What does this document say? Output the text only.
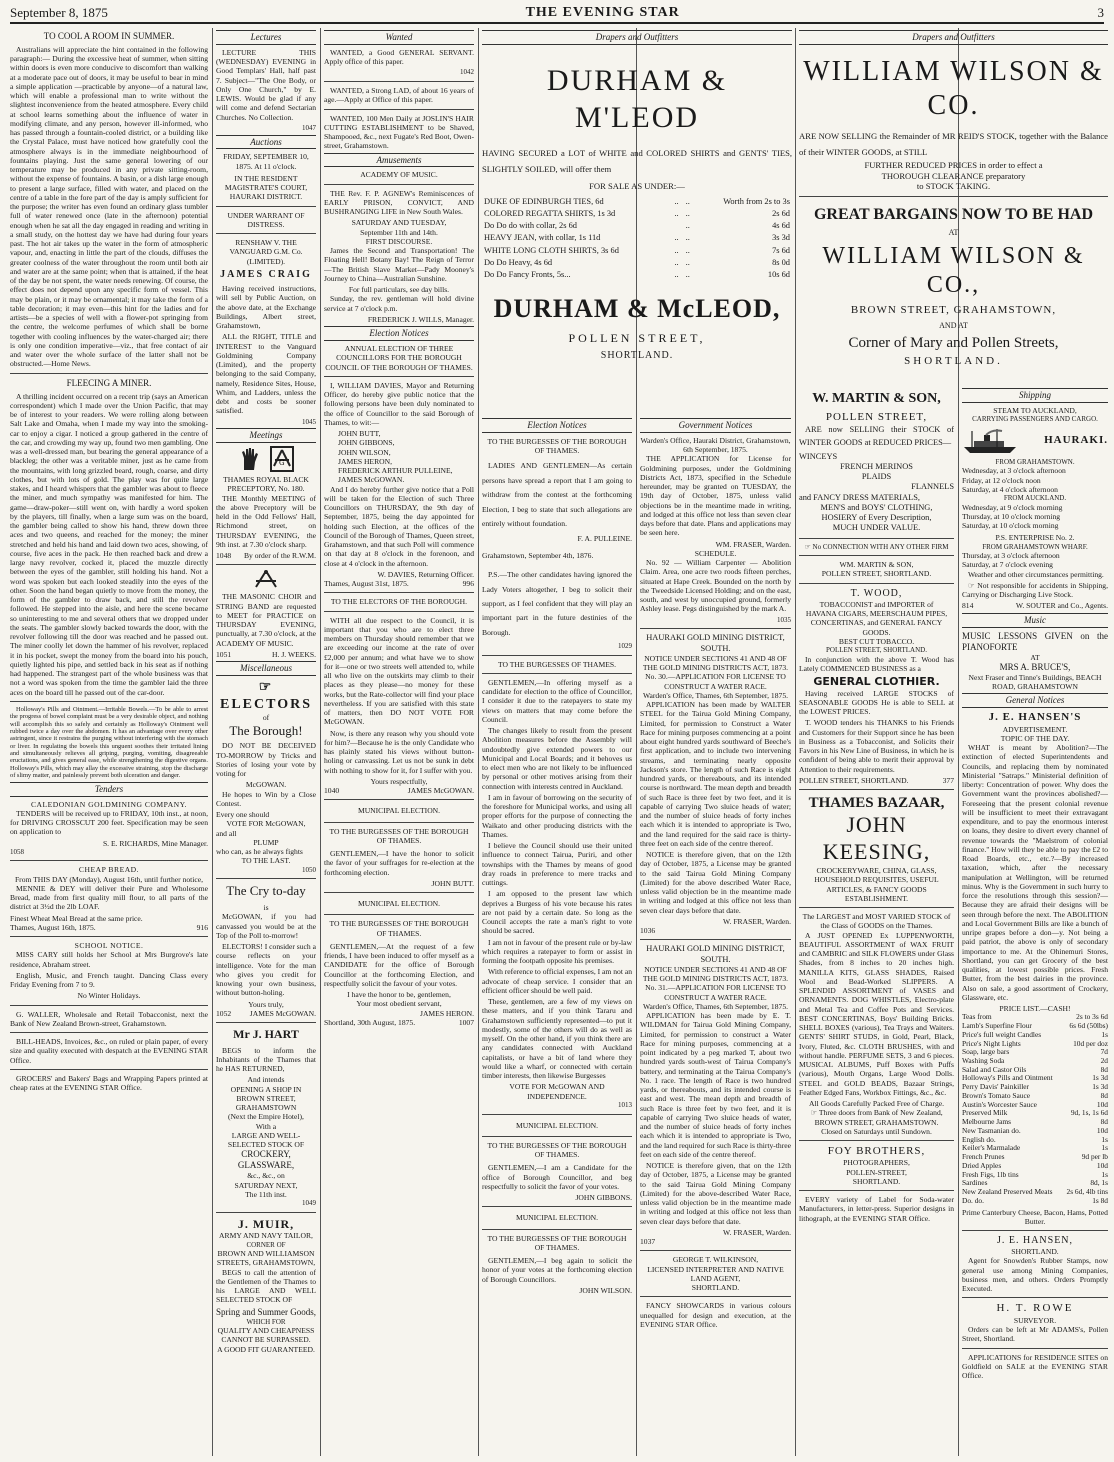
September 8, 1875	THE EVENING STAR	3
TO COOL A ROOM IN SUMMER.

Australians will appreciate the hint contained in the following paragraph:— During the excessive heat of summer, when sitting within doors is even more conducive to discomfort than walking at a moderate pace out of doors, it may be useful to bear in mind a simple application —practicable by anyone—of a natural law, which will enable a professional man to write without the slightest inconvenience from the heated atmosphere. Every child at school learns something about the influence of water in modifying climate, and any person, however ill-informed, who has passed through a fountain-cooled district, or a building like the Crystal Palace, must have noticed how gratefully cool the atmosphere always is in the immediate neighbourhood of fountains playing. Just the same general lowering of our temperature may be produced in any private sitting-room, without the expense of fountains. A basin, or a dish large enough to present a large surface, filled with water, and placed on the centre of a table in the fore part of the day is amply sufficient for the purpose; the writer has even found an ordinary glass tumbler full of water renewed once (late in the afternoon) potential enough when he sat all the day engaged in reading and writing in a small study, on the hottest day we have had during four years past. The hot air takes up the water in the form of atmospheric vapour, and, enacting in little the part of the clouds, diffuses the greater coolness of the water throughout the room until both air and water are at the same point; when that is attained, if the heat of the day be not spent, the water needs renewing. Of course, the effect does not depend upon any specific form of vessel. This may be plain, or it may be ornamental; it may take the form of a table decoration; it may even—this hint for the ladies and for artists—be a species of well with a flower-pot springing from the centre, the welcome perfumes of which shall be borne together with cooling influences by the water-charged air; there is only one condition imperative—viz., that free contact of air and water over the whole surface of the latter shall not be obstructed.—Home News.

FLEECING A MINER.

A thrilling incident occurred on a recent trip (says an American correspondent) which I made over the Union Pacific, that may be of interest to your readers. We were rolling along between Salt Lake and Omaha, when I made my way into the smoking-car to enjoy a cigar. I noticed a group gathered in the centre of the car, and crowding my way up, found two men gambling. One was a well-dressed man, but bearing the general appearance of a blackleg; the other was a veritable miner, just as he came from the mountains, with long grizzled beard, rough, coarse, and dirty clothes, but with lots of gold. The play was for quite large stakes, and I heard whispers that the gambler was about to fleece the miner, and much sympathy was manifested for him. The game—draw-poker—still went on, with hardly a word spoken by the players, till finally, when a large sum was on the board, the gambler being called to show his hand, threw down three aces and two queens, and reached for the money; the miner stretched and held his hand and laid down two aces, showing, of course, five aces in the pack. He then reached back and drew a large navy revolver, cocked it, placed the muzzle directly between the eyes of the gambler, still holding his hand. Not a word was spoken but each looked steadily into the eyes of the other. Soon the hand began quietly to move from the money, the form of the gambler to draw back, and still the revolver followed. He stepped into the aisle, and here the scene became so uninteresting to me and several others that we dropped under the seats. The gambler slowly backed towards the door, with the revolver following till the door was reached and he passed out. The miner coolly let down the hammer of his revolver, replaced it in his pocket, swept the money from the board into his pouch, quietly lighted his pipe, and settled back in his seat as if nothing had happened. The strangest part of the whole business was that not a word was spoken from the time the gambler laid the three aces on the board till he passed out of the car-door.

Holloway's Pills and Ointment.—Irritable Bowels.—To be able to arrest the progress of bowel complaint must be a very desirable object, and nothing will accomplish this so safely and certainly as Holloway's Ointment well rubbed twice a day over the abdomen. It has an advantage over every other astringent, since it restrains the purging without interfering with the stomach or liver. In regulating the bowels this unguent soothes their irritated lining and simultaneously relieves all griping, purging, vomiting, disagreeable eructations, and gives general ease, while strengthening the digestive organs. Holloway's Pills, which may allay the excessive straining, stop the discharge of slimy matter, and painlessly prevent both ulceration and danger.

Tenders
CALEDONIAN GOLDMINING COMPANY.

TENDERS will be received up to FRIDAY, 10th inst., at noon, for DRIVING CROSSCUT 200 feet. Specification may be seen on application to

S. E. RICHARDS, Mine Manager.
1058
CHEAP BREAD.

From THIS DAY (Monday), August 16th, until further notice,

MENNIE & DEY will deliver their Pure and Wholesome Bread, made from first quality mill flour, to all parts of the district at 3½d the 2lb LOAF.

Finest Wheat Meal Bread at the same price.

Thames, August 16th, 1875.	916
SCHOOL NOTICE.

MISS CARY still holds her School at Mrs Burgrove's late residence, Abraham street.

English, Music, and French taught. Dancing Class every Friday Evening from 7 to 9.

No Winter Holidays.

G. WALLER, Wholesale and Retail Tobacconist, next the Bank of New Zealand Brown-street, Grahamstown.

BILL-HEADS, Invoices, &c., on ruled or plain paper, of every size and quality executed with despatch at the EVENING STAR Office.

GROCERS' and Bakers' Bags and Wrapping Papers printed at cheap rates at the EVENING STAR Office.

Lectures

LECTURE THIS (WEDNESDAY) EVENING in Good Templars' Hall, half past 7. Subject—"The One Body, or Only One Church," by E. LEWIS. Would be glad if any will come and defend Sectarian Churches. No Collection.

1047
Auctions
FRIDAY, SEPTEMBER 10, 1875. At 11 o'clock.
IN THE RESIDENT MAGISTRATE'S COURT, HAURAKI DISTRICT.
UNDER WARRANT OF DISTRESS.
RENSHAW V. THE VANGUARD G.M. Co. (LIMITED).
JAMES CRAIG

Having received instructions, will sell by Public Auction, on the above date, at the Exchange Buildings, Albert street, Grahamstown,

ALL the RIGHT, TITLE and INTEREST to the Vanguard Goldmining Company (Limited), and the property belonging to the said Company, namely, Residence Sites, House, Whim, and Ladders, unless the debt and costs be sooner satisfied.

1045
Meetings
G
THAMES ROYAL BLACK PRECEPTORY, No. 180.

THE Monthly MEETING of the above Preceptory will be held in the Odd Fellows' Hall, Richmond street, on THURSDAY EVENING, the 9th inst. at 7.30 o'clock sharp.

1048 By order of the R.W.M.

THE MASONIC CHOIR and STRING BAND are requested to MEET for PRACTICE on THURSDAY EVENING, punctually, at 7.30 o'clock, at the ACADEMY OF MUSIC.

1051	H. J. WEEKS.
Miscellaneous
☞ ELECTORS
of
The Borough!

DO NOT BE DECEIVED TO-MORROW by Tricks and Stories of losing your vote by voting for

McGOWAN.

He hopes to Win by a Close Contest.

Every one should

VOTE FOR McGOWAN,

and all

PLUMP

who can, as he always fights

TO THE LAST.
1050
The Cry to-day
is

McGOWAN, if you had canvassed you would be at the Top of the Poll to-morrow!

ELECTORS! I consider such a course reflects on your intelligence. Vote for the man who gives you credit for knowing your own business, without button-holing.

Yours truly,
1052 JAMES McGOWAN.
Mr J. HART

BEGS to inform the Inhabitants of the Thames that he HAS RETURNED,

And intends
OPENING A SHOP IN BROWN STREET, GRAHAMSTOWN
(Next the Empire Hotel),
With a
LARGE AND WELL-SELECTED STOCK OF
CROCKERY, GLASSWARE,
&c., &c., on
SATURDAY NEXT,
The 11th inst.
1049
J. MUIR,
ARMY AND NAVY TAILOR,
CORNER OF
BROWN AND WILLIAMSON STREETS, GRAHAMSTOWN,

BEGS to call the attention of the Gentlemen of the Thames to his LARGE AND WELL SELECTED STOCK OF

Spring and Summer Goods,
WHICH FOR
QUALITY AND CHEAPNESS CANNOT BE SURPASSED.
A GOOD FIT GUARANTEED.
Wanted

WANTED, a Good GENERAL SERVANT. Apply office of this paper.

1042

WANTED, a Strong LAD, of about 16 years of age.—Apply at Office of this paper.

WANTED, 100 Men Daily at JOSLIN'S HAIR CUTTING ESTABLISHMENT to be Shaved, Shampooed, &c., next Fugate's Red Boot, Owen-street, Grahamstown.

Amusements
ACADEMY OF MUSIC.

THE Rev. F. P. AGNEW's Reminiscences of EARLY PRISON, CONVICT, AND BUSHRANGING LIFE in New South Wales.

SATURDAY AND TUESDAY,
September 11th and 14th.
FIRST DISCOURSE.

James the Second and Transportation! The Floating Hell! Botany Bay! The Reign of Terror—The British Slave Market—Pady Mooney's Journey to China—Australian Sunshine.

For full particulars, see day bills.

Sunday, the rev. gentleman will hold divine service at 7 o'clock p.m.

FREDERICK J. WILLS, Manager.
Election Notices
ANNUAL ELECTION OF THREE COUNCILLORS FOR THE BOROUGH COUNCIL OF THE BOROUGH OF THAMES.

I, WILLIAM DAVIES, Mayor and Returning Officer, do hereby give public notice that the following persons have been duly nominated to the office of Councillor to the said Borough of Thames, to wit:—

JOHN BUTT,
JOHN GIBBONS,
JOHN WILSON,
JAMES HERON,
FREDERICK ARTHUR PULLEINE,
JAMES McGOWAN.

And I do hereby further give notice that a Poll will be taken for the Election of such Three Councillors on THURSDAY, the 9th day of September, 1875, being the day appointed for holding such Election, at the offices of the Council of the Borough of Thames, Queen street, Grahamstown, and that such Poll will commence on that day at 8 o'clock in the forenoon, and close at 4 o'clock in the afternoon.

W. DAVIES, Returning Officer.
Thames, August 31st, 1875.	996
TO THE ELECTORS OF THE BOROUGH.

WITH all due respect to the Council, it is important that you who are to elect three members on Thursday should remember that we are exceeding our income at the rate of over £2,000 per annum; and what have we to show for it—one or two streets well attended to, while all who live on the outskirts may climb to their places as they please—no money for these works, but the Rate-collector will find your place nevertheless. If you are satisfied with this state of matters, then DO NOT VOTE FOR McGOWAN.

Now, is there any reason why you should vote for him?—Because he is the only Candidate who has plainly stated his views without button-holing or canvassing. Let us not be sunk in debt with nothing to show for it, for I suffer with you.

Yours respectfully,
1040	JAMES McGOWAN.
MUNICIPAL ELECTION.
TO THE BURGESSES OF THE BOROUGH OF THAMES.

GENTLEMEN,—I have the honor to solicit the favor of your suffrages for re-election at the forthcoming election.

JOHN BUTT.
MUNICIPAL ELECTION.
TO THE BURGESSES OF THE BOROUGH OF THAMES.

GENTLEMEN,—At the request of a few friends, I have been induced to offer myself as a CANDIDATE for the office of Borough Councillor at the forthcoming Election, and respectfully solicit the favour of your votes.

I have the honor to be, gentlemen,
Your most obedient servant,
JAMES HERON.
Shortland, 30th August, 1875.	1007
Drapers and Outfitters
DURHAM & M'LEOD

HAVING SECURED a LOT of WHITE and COLORED SHIRTS and GENTS' TIES, SLIGHTLY SOILED, will offer them

FOR SALE AS UNDER:—
DUKE OF EDINBURGH TIES, 6d	..	..	Worth from 2s to 3s
COLORED REGATTA SHIRTS, 1s 3d	..	..	2s 6d
Do Do do with collar, 2s 6d		..	4s 6d
HEAVY JEAN, with collar, 1s 11d	..	..	3s 3d
WHITE LONG CLOTH SHIRTS, 3s 6d	..	..	7s 6d
Do Do Heavy, 4s 6d	..	..	8s 0d
Do Do Fancy Fronts, 5s...	..	..	10s 6d
DURHAM & McLEOD,
POLLEN STREET,
SHORTLAND.
Election Notices
TO THE BURGESSES OF THE BOROUGH OF THAMES.

LADIES AND GENTLEMEN—As certain persons have spread a report that I am going to withdraw from the contest at the forthcoming Election, I beg to state that such allegations are entirely without foundation.

F. A. PULLEINE.

Grahamstown, September 4th, 1876.

P.S.—The other candidates having ignored the Lady Voters altogether, I beg to solicit their support, as I feel confident that they will play an important part in the future destinies of the Borough.

1029
TO THE BURGESSES OF THAMES.

GENTLEMEN,—In offering myself as a candidate for election to the office of Councillor, I consider it due to the ratepayers to state my views on matters that may come before the Council.

The changes likely to result from the present Abolition measures before the Assembly will undoubtedly give extended powers to our Municipal and Local Boards; and it behoves us to elect men who are not likely to be influenced by personal or other motives arising from their connection with interests centred in Auckland.

I am in favour of borrowing on the security of the foreshore for Municipal works, and using all proper efforts for the purpose of connecting the Waikato and other producing districts with the Thames.

I believe the Council should use their united influence to connect Tairua, Puriri, and other townships with the Thames by means of good dray roads in preference to mere tracks and cuttings.

I am opposed to the present law which deprives a Burgess of his vote because his rates are not paid by a certain date. So long as the Council accepts the rate a man's right to vote should be sacred.

I am not in favour of the present rule or by-law which requires a ratepayer to form or assist in forming the footpath opposite his premises.

With reference to official expenses, I am not an advocate of cheap service. I consider that an efficient officer should be well paid.

These, gentlemen, are a few of my views on these matters, and if you think Tararu and Grahamstown sufficiently represented—to put it modestly, some of the others will do as well as myself. On the other hand, if you think there are any candidates connected with Auckland capitalists, or have a bit of land where they would like a wharf, or connected with certain timber interests, then likewise Burgesses

VOTE FOR McGOWAN AND INDEPENDENCE.
1013
MUNICIPAL ELECTION.
TO THE BURGESSES OF THE BOROUGH OF THAMES.

GENTLEMEN,—I am a Candidate for the office of Borough Councillor, and beg respectfully to solicit the favor of your votes.

JOHN GIBBONS.
MUNICIPAL ELECTION.
TO THE BURGESSES OF THE BOROUGH OF THAMES.

GENTLEMEN,—I beg again to solicit the honor of your votes at the forthcoming election of Borough Councillors.

JOHN WILSON.
Government Notices
Warden's Office, Hauraki District, Grahamstown, 6th September, 1875.

THE APPLICATION for License for Goldmining purposes, under the Goldmining Districts Act, 1873, specified in the Schedule hereunder, may be granted on TUESDAY, the 19th day of October, 1875, unless valid objections be in the meantime made in writing, and lodged at this office not less than seven clear days before that date. Plans and applications may be seen here.

WM. FRASER, Warden.
SCHEDULE.

No. 92 — William Carpenter — Abolition Claim. Area, one acre two roods fifteen perches, situated at Hape Creek. Bounded on the north by the Tweedside Licensed Holding; and on the east, south, and west by unoccupied ground, formerly Ashley lease. Pegs distinguished by the mark A.

1035
HAURAKI GOLD MINING DISTRICT, SOUTH.
NOTICE UNDER SECTIONS 41 AND 48 OF THE GOLD MINING DISTRICTS ACT, 1873.
No. 30.—APPLICATION FOR LICENSE TO CONSTRUCT A WATER RACE.
Warden's Office, Thames, 6th September, 1875.

APPLICATION has been made by WALTER STEEL for the Tairua Gold Mining Company, Limited, for permission to Construct a Water Race for mining purposes commencing at a point about eight hundred yards southward of Beeche's first application, and to include two intervening streams, and terminating nearly opposite Jackson's store. The length of such Race is eight hundred yards, or thereabouts, and its intended course is northward. The mean depth and breadth of such Race is three feet by two feet, and it is capable of carrying Two sluice heads of water; and the number of sluice heads of forty inches each which it is intended to appropriate is Two, and the land required for the said race is thirty-three feet on each side of the centre thereof.

NOTICE is therefore given, that on the 12th day of October, 1875, a License may be granted to the said Tairua Gold Mining Company (Limited) for the above described Water Race, unless valid objection be in the meantime made in writing and lodged at this office not less than seven clear days before that date.

W. FRASER, Warden.
1036
HAURAKI GOLD MINING DISTRICT, SOUTH.
NOTICE UNDER SECTIONS 41 AND 48 OF THE GOLD MINING DISTRICTS ACT, 1873.
No. 31.—APPLICATION FOR LICENSE TO CONSTRUCT A WATER RACE.
Warden's Office, Thames, 6th September, 1875.

APPLICATION has been made by E. T. WILDMAN for Tairua Gold Mining Company, Limited, for permission to construct a Water Race for mining purposes, commencing at a point indicated by a peg marked T, about two hundred yards south-west of Tairua Company's battery, and terminating at the Tairua Company's No. 1 race. The length of Race is two hundred yards, or thereabouts, and its intended course is east and west. The mean depth and breadth of such Race is three feet by two feet, and it is capable of carrying Two sluice heads of water, and the number of sluice heads of forty inches each which it is intended to appropriate is Two, and the land required for such Race is thirty-three feet on each side of the centre thereof.

NOTICE is therefore given, that on the 12th day of October, 1875, a License may be granted to the said Tairua Gold Mining Company (Limited) for the above-described Water Race, unless valid objection be in the meantime made in writing and lodged at this office not less than seven clear days before that date.

W. FRASER, Warden.
1037
GEORGE T. WILKINSON,
LICENSED INTERPRETER AND NATIVE LAND AGENT,
SHORTLAND.

FANCY SHOWCARDS in various colours unequalled for design and execution, at the EVENING STAR Office.

Drapers and Outfitters
WILLIAM WILSON & CO.

ARE NOW SELLING the Remainder of MR REID'S STOCK, together with the Balance of their WINTER GOODS, at STILL

FURTHER REDUCED PRICES in order to effect a
THOROUGH CLEARANCE preparatory
to STOCK TAKING.
GREAT BARGAINS NOW TO BE HAD
AT
WILLIAM WILSON & CO.,
BROWN STREET, GRAHAMSTOWN,
AND AT
Corner of Mary and Pollen Streets,
SHORTLAND.
W. MARTIN & SON,
POLLEN STREET,

ARE now SELLING their STOCK of WINTER GOODS at REDUCED PRICES—

WINCEYS
FRENCH MERINOS
PLAIDS
FLANNELS
and FANCY DRESS MATERIALS,
MEN'S and BOYS' CLOTHING,
HOSIERY of Every Description,
MUCH UNDER VALUE.
☞ No CONNECTION WITH ANY OTHER FIRM
WM. MARTIN & SON,
POLLEN STREET, SHORTLAND.
T. WOOD,
TOBACCONIST and IMPORTER of
HAVANA CIGARS, MEERSCHAUM PIPES, CONCERTINAS, and GENERAL FANCY GOODS.
BEST CUT TOBACCO.
POLLEN STREET, SHORTLAND.

In conjunction with the above T. Wood has Lately COMMENCED BUSINESS as a

GENERAL CLOTHIER.

Having received LARGE STOCKS of SEASONABLE GOODS He is able to SELL at the LOWEST PRICES.

T. WOOD tenders his THANKS to his Friends and Customers for their Support since he has been in Business as a Tobacconist, and Solicits their Favors in his New Line of Business, in which he is confident of being able to merit their approval by Attention to their requirements.

POLLEN STREET, SHORTLAND.	377
THAMES BAZAAR,
JOHN KEESING,
CROCKERYWARE, CHINA, GLASS, HOUSEHOLD REQUISITES, USEFUL ARTICLES, & FANCY GOODS ESTABLISHMENT.
The LARGEST and MOST VARIED STOCK of the Class of GOODS on the Thames.

A JUST OPENED Ex LUPPENWORTH, BEAUTIFUL ASSORTMENT of WAX FRUIT and CAMBRIC and SILK FLOWERS under Glass Shades, from 8 inches to 20 inches high. MANILLA KITS, GLASS SHADES, Raised Wool and Bead-Worked SLIPPERS. A SPLENDID ASSORTMENT of VASES and ORNAMENTS. DOG WHISTLES, Electro-plate and Metal Tea and Coffee Pots and Services. BEST CONCERTINAS, Boys' Building Bricks. SHELL BOXES (various), Tea Trays and Waiters. GENTS' SHIRT STUDS, in Gold, Pearl, Black, Ivory, Fluted, &c. CLOTH BRUSHES, with and without handle. PERFUME SETS, 3 and 6 pieces. MUSICAL ALBUMS, Puff Boxes with Puffs (various), Mouth Organs, Large Wood Dolls. STEEL and GOLD BEADS, Bazaar Strings, Feather Edged Fans, Workbox Fittings, &c., &c.

All Goods Carefully Packed Free of Charge.
☞ Three doors from Bank of New Zealand,
BROWN STREET, GRAHAMSTOWN.
Closed on Saturdays until Sundown.
FOY BROTHERS,
PHOTOGRAPHERS,
POLLEN-STREET,
SHORTLAND.

EVERY variety of Label for Soda-water Manufacturers, in letter-press. Superior designs in lithograph, at the EVENING STAR Office.

Shipping
STEAM TO AUCKLAND,
CARRYING PASSENGERS AND CARGO.
HAURAKI.
FROM GRAHAMSTOWN.
Wednesday, at 3 o'clock afternoon
Friday, at 12 o'clock noon
Saturday, at 4 o'clock afternoon
FROM AUCKLAND.
Wednesday, at 9 o'clock morning
Thursday, at 10 o'clock morning
Saturday, at 10 o'clock morning
P.S. ENTERPRISE No. 2.
FROM GRAHAMSTOWN WHARF.
Thursday, at 3 o'clock afternoon
Saturday, at 7 o'clock evening

Weather and other circumstances permitting.

☞ Not responsible for accidents in Shipping, Carrying or Discharging Live Stock.

814	W. SOUTER and Co., Agents.
Music

MUSIC LESSONS GIVEN on the PIANOFORTE

AT
MRS A. BRUCE'S,
Next Fraser and Tinne's Buildings, BEACH ROAD, GRAHAMSTOWN
General Notices
J. E. HANSEN'S
ADVERTISEMENT.
TOPIC OF THE DAY.

WHAT is meant by Abolition?—The extinction of elected Superintendents and Councils, and replacing them by nominated Ministerial "Satraps." Ministerial definition of liberty: Concentration of power. Why does the Government want the provinces abolished?—Foreseeing that the present colonial revenue will be insufficient to meet their extravagant expenditure, and to pay the enormous interest on loans, they desire to divert every channel of revenue towards the "Maelstrom of colonial finance." How will they be able to pay the £2 to Road Boards, etc., etc.?—By increased taxation, which, after the necessary manipulation at Wellington, will be returned minus. Why is the Government in such hurry to force the resolutions through this session?—Because they are afraid their designs will be seen through before the next. The ABOLITION and Local Government Bills are like a bunch of unripe grapes before a don—y. Not being a paid patriot, the above is only of secondary importance to me. At the Ohinemuri Stores, Shortland, you can get Grocery of the best qualities, at lowest possible prices. Fresh Butter, from the best dairies in the province. Also on sale, a good assortment of Crockery, Glassware, etc.

PRICE LIST.—CASH!
Teas from	2s to 3s 6d
Lamb's Superfine Flour	6s 6d (50lbs)
Price's full weight Candles	1s
Price's Night Lights	10d per doz
Soap, large bars	7d
Washing Soda	2d
Salad and Castor Oils	8d
Holloway's Pills and Ointment	1s 3d
Perry Davis' Painkiller	1s 3d
Brown's Tomato Sauce	8d
Austin's Worcester Sauce	10d
Preserved Milk	9d, 1s, 1s 6d
Melbourne Jams	8d
New Tasmanian do.	10d
English do.	1s
Keiler's Marmalade	1s
French Prunes	9d per lb
Dried Apples	10d
Fresh Figs, 1lb tins	1s
Sardines	8d, 1s
New Zealand Preserved Meats 2s 6d, 4lb tins
Do. do.	1s 8d
Prime Canterbury Cheese, Bacon, Hams, Potted Butter.
J. E. HANSEN,
SHORTLAND.

Agent for Snowden's Rubber Stamps, now general use among Mining Companies, business men, and others. Orders Promptly Executed.

H. T. ROWE
SURVEYOR.

Orders can be left at Mr ADAMS's, Pollen Street, Shortland.

APPLICATIONS for RESIDENCE SITES on Goldfield on SALE at the EVENING STAR Office.
